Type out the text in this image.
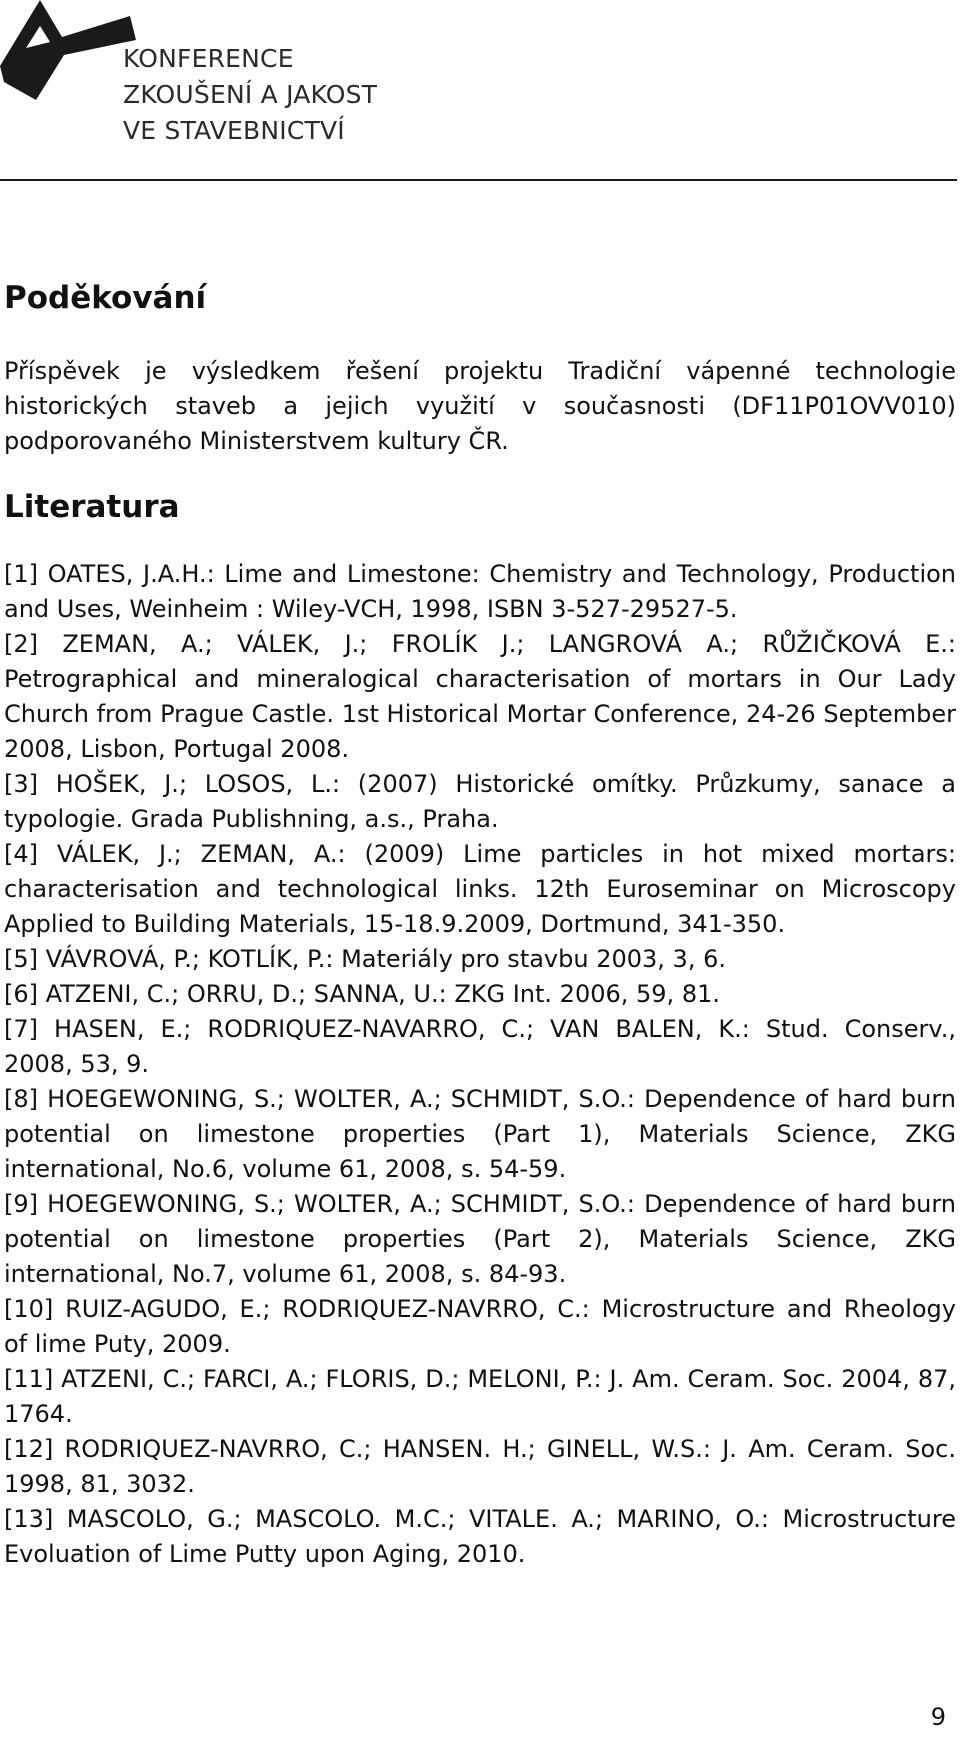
KONFERENCE
ZKOUŠENÍ A JAKOST
VE STAVEBNICTVÍ
Poděkování

Příspěvek je výsledkem řešení projektu Tradiční vápenné technologie historických staveb a jejich využití v současnosti (DF11P01OVV010) podporovaného Ministerstvem kultury ČR.

Literatura
[1] OATES, J.A.H.: Lime and Limestone: Chemistry and Technology, Production and Uses, Weinheim : Wiley-VCH, 1998, ISBN 3-527-29527-5.
[2] ZEMAN, A.; VÁLEK, J.; FROLÍK J.; LANGROVÁ A.; RŮŽIČKOVÁ E.: Petrographical and mineralogical characterisation of mortars in Our Lady Church from Prague Castle. 1st Historical Mortar Conference, 24-26 September 2008, Lisbon, Portugal 2008.
[3] HOŠEK, J.; LOSOS, L.: (2007) Historické omítky. Průzkumy, sanace a typologie. Grada Publishning, a.s., Praha.
[4] VÁLEK, J.; ZEMAN, A.: (2009) Lime particles in hot mixed mortars: characterisation and technological links. 12th Euroseminar on Microscopy Applied to Building Materials, 15-18.9.2009, Dortmund, 341-350.
[5] VÁVROVÁ, P.; KOTLÍK, P.: Materiály pro stavbu 2003, 3, 6.
[6] ATZENI, C.; ORRU, D.; SANNA, U.: ZKG Int. 2006, 59, 81.
[7] HASEN, E.; RODRIQUEZ-NAVARRO, C.; VAN BALEN, K.: Stud. Conserv., 2008, 53, 9.
[8] HOEGEWONING, S.; WOLTER, A.; SCHMIDT, S.O.: Dependence of hard burn potential on limestone properties (Part 1), Materials Science, ZKG international, No.6, volume 61, 2008, s. 54-59.
[9] HOEGEWONING, S.; WOLTER, A.; SCHMIDT, S.O.: Dependence of hard burn potential on limestone properties (Part 2), Materials Science, ZKG international, No.7, volume 61, 2008, s. 84-93.
[10] RUIZ-AGUDO, E.; RODRIQUEZ-NAVRRO, C.: Microstructure and Rheology of lime Puty, 2009.
[11] ATZENI, C.; FARCI, A.; FLORIS, D.; MELONI, P.: J. Am. Ceram. Soc. 2004, 87, 1764.
[12] RODRIQUEZ-NAVRRO, C.; HANSEN. H.; GINELL, W.S.: J. Am. Ceram. Soc. 1998, 81, 3032.
[13] MASCOLO, G.; MASCOLO. M.C.; VITALE. A.; MARINO, O.: Microstructure Evoluation of Lime Putty upon Aging, 2010.
9
